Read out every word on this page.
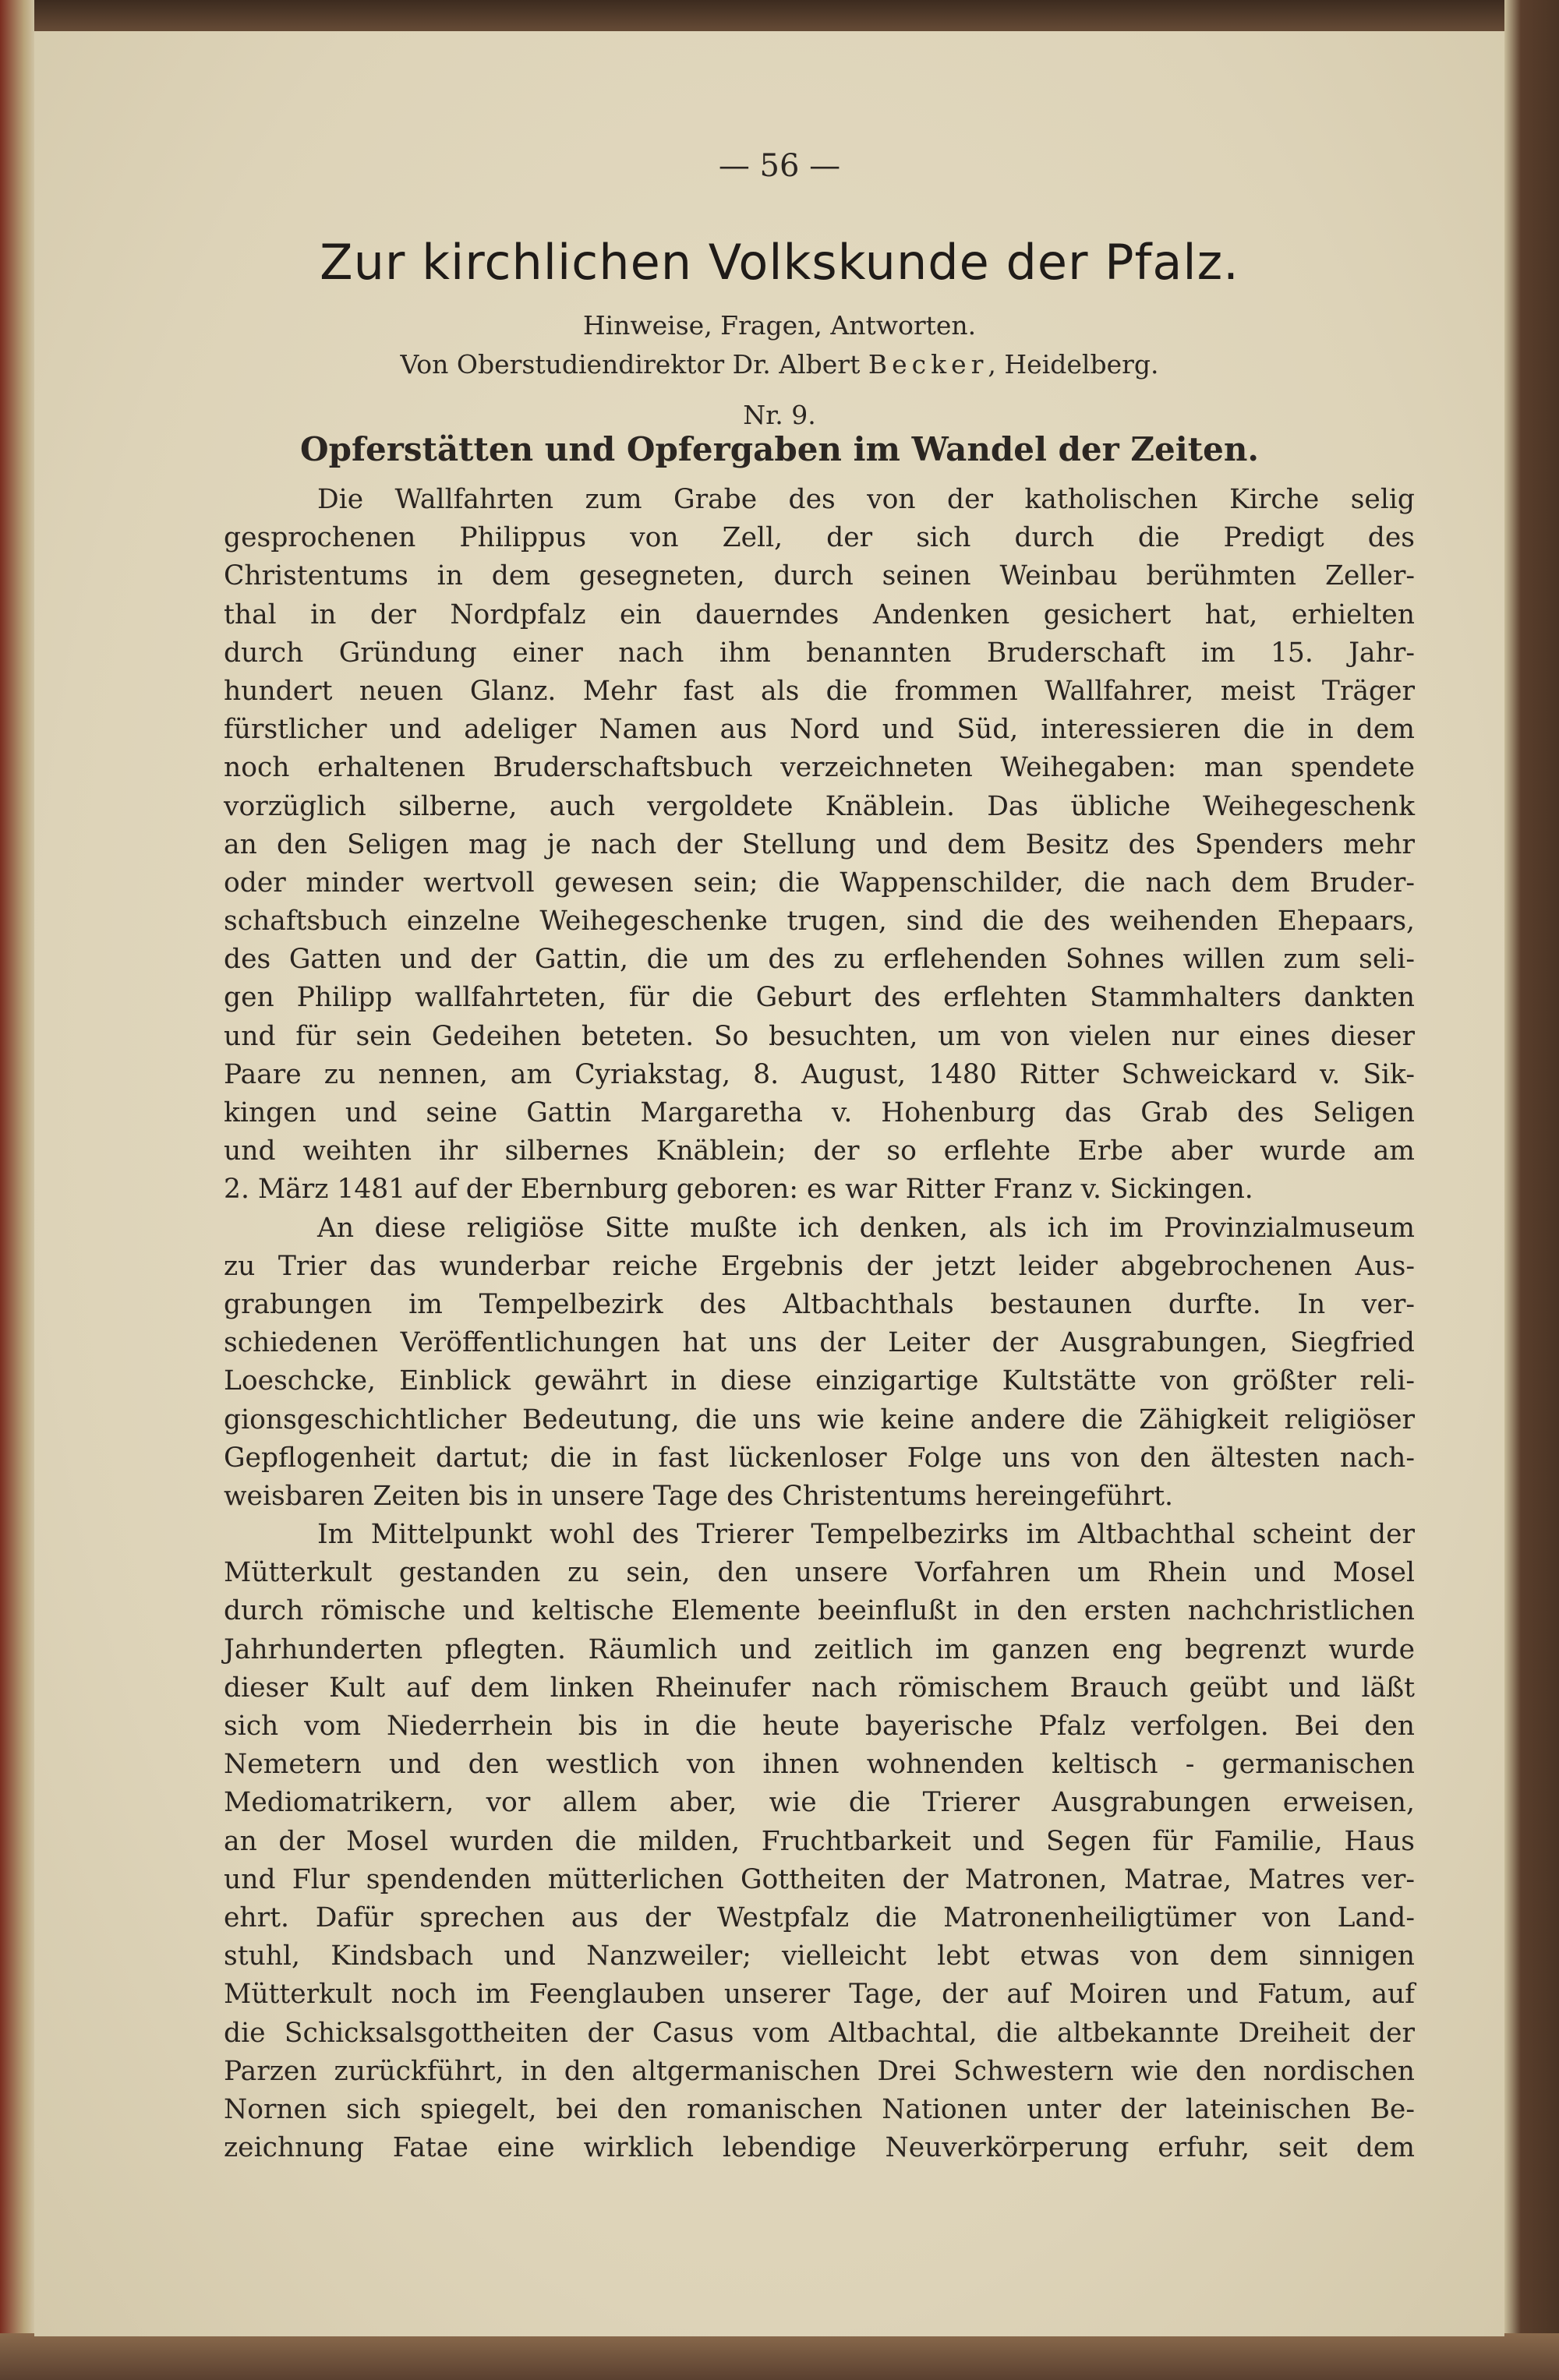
— 56 —
Zur kirchlichen Volkskunde der Pfalz.
Hinweise, Fragen, Antworten.
Von Oberstudiendirektor Dr. Albert Becker, Heidelberg.
Nr. 9.
Opferstätten und Opfergaben im Wandel der Zeiten.
Die Wallfahrten zum Grabe des von der katholischen Kirche selig
gesprochenen Philippus von Zell, der sich durch die Predigt des
Christentums in dem gesegneten, durch seinen Weinbau berühmten Zeller-
thal in der Nordpfalz ein dauerndes Andenken gesichert hat, erhielten
durch Gründung einer nach ihm benannten Bruderschaft im 15. Jahr-
hundert neuen Glanz. Mehr fast als die frommen Wallfahrer, meist Träger
fürstlicher und adeliger Namen aus Nord und Süd, interessieren die in dem
noch erhaltenen Bruderschaftsbuch verzeichneten Weihegaben: man spendete
vorzüglich silberne, auch vergoldete Knäblein. Das übliche Weihegeschenk
an den Seligen mag je nach der Stellung und dem Besitz des Spenders mehr
oder minder wertvoll gewesen sein; die Wappenschilder, die nach dem Bruder-
schaftsbuch einzelne Weihegeschenke trugen, sind die des weihenden Ehepaars,
des Gatten und der Gattin, die um des zu erflehenden Sohnes willen zum seli-
gen Philipp wallfahrteten, für die Geburt des erflehten Stammhalters dankten
und für sein Gedeihen beteten. So besuchten, um von vielen nur eines dieser
Paare zu nennen, am Cyriakstag, 8. August, 1480 Ritter Schweickard v. Sik-
kingen und seine Gattin Margaretha v. Hohenburg das Grab des Seligen
und weihten ihr silbernes Knäblein; der so erflehte Erbe aber wurde am
2. März 1481 auf der Ebernburg geboren: es war Ritter Franz v. Sickingen.
An diese religiöse Sitte mußte ich denken, als ich im Provinzialmuseum
zu Trier das wunderbar reiche Ergebnis der jetzt leider abgebrochenen Aus-
grabungen im Tempelbezirk des Altbachthals bestaunen durfte. In ver-
schiedenen Veröffentlichungen hat uns der Leiter der Ausgrabungen, Siegfried
Loeschcke, Einblick gewährt in diese einzigartige Kultstätte von größter reli-
gionsgeschichtlicher Bedeutung, die uns wie keine andere die Zähigkeit religiöser
Gepflogenheit dartut; die in fast lückenloser Folge uns von den ältesten nach-
weisbaren Zeiten bis in unsere Tage des Christentums hereingeführt.
Im Mittelpunkt wohl des Trierer Tempelbezirks im Altbachthal scheint der
Mütterkult gestanden zu sein, den unsere Vorfahren um Rhein und Mosel
durch römische und keltische Elemente beeinflußt in den ersten nachchristlichen
Jahrhunderten pflegten. Räumlich und zeitlich im ganzen eng begrenzt wurde
dieser Kult auf dem linken Rheinufer nach römischem Brauch geübt und läßt
sich vom Niederrhein bis in die heute bayerische Pfalz verfolgen. Bei den
Nemetern und den westlich von ihnen wohnenden keltisch - germanischen
Mediomatrikern, vor allem aber, wie die Trierer Ausgrabungen erweisen,
an der Mosel wurden die milden, Fruchtbarkeit und Segen für Familie, Haus
und Flur spendenden mütterlichen Gottheiten der Matronen, Matrae, Matres ver-
ehrt. Dafür sprechen aus der Westpfalz die Matronenheiligtümer von Land-
stuhl, Kindsbach und Nanzweiler; vielleicht lebt etwas von dem sinnigen
Mütterkult noch im Feenglauben unserer Tage, der auf Moiren und Fatum, auf
die Schicksalsgottheiten der Casus vom Altbachtal, die altbekannte Dreiheit der
Parzen zurückführt, in den altgermanischen Drei Schwestern wie den nordischen
Nornen sich spiegelt, bei den romanischen Nationen unter der lateinischen Be-
zeichnung Fatae eine wirklich lebendige Neuverkörperung erfuhr, seit dem
